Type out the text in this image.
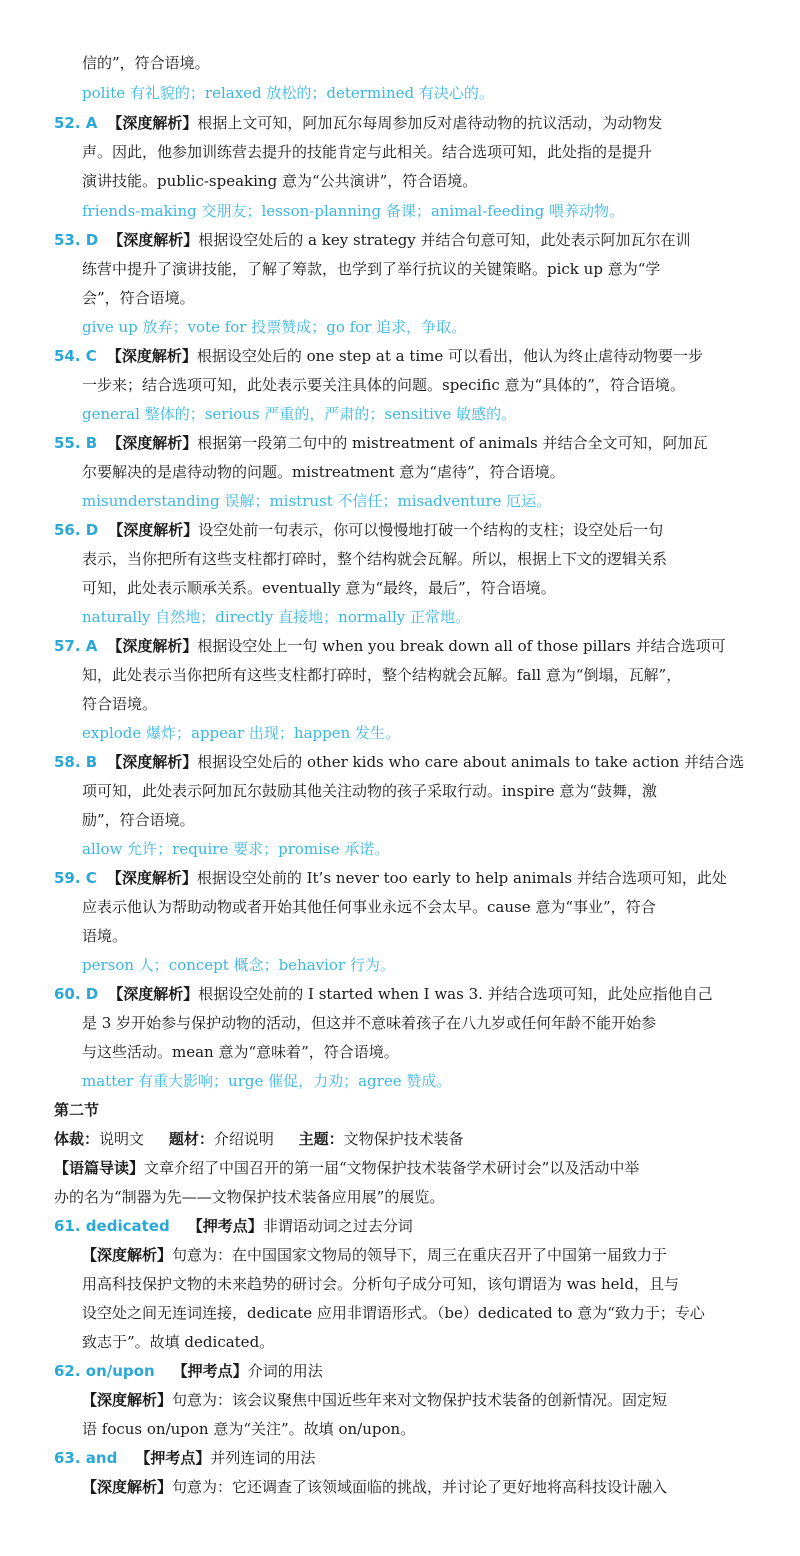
信的”，符合语境。
polite 有礼貌的；relaxed 放松的；determined 有决心的。
52. A 【深度解析】根据上文可知，阿加瓦尔每周参加反对虐待动物的抗议活动，为动物发
声。因此，他参加训练营去提升的技能肯定与此相关。结合选项可知，此处指的是提升
演讲技能。public-speaking 意为“公共演讲”，符合语境。
friends-making 交朋友；lesson-planning 备课；animal-feeding 喂养动物。
53. D 【深度解析】根据设空处后的 a key strategy 并结合句意可知，此处表示阿加瓦尔在训
练营中提升了演讲技能，了解了筹款，也学到了举行抗议的关键策略。pick up 意为“学
会”，符合语境。
give up 放弃；vote for 投票赞成；go for 追求，争取。
54. C 【深度解析】根据设空处后的 one step at a time 可以看出，他认为终止虐待动物要一步
一步来；结合选项可知，此处表示要关注具体的问题。specific 意为“具体的”，符合语境。
general 整体的；serious 严重的，严肃的；sensitive 敏感的。
55. B 【深度解析】根据第一段第二句中的 mistreatment of animals 并结合全文可知，阿加瓦
尔要解决的是虐待动物的问题。mistreatment 意为“虐待”，符合语境。
misunderstanding 误解；mistrust 不信任；misadventure 厄运。
56. D 【深度解析】设空处前一句表示，你可以慢慢地打破一个结构的支柱；设空处后一句
表示，当你把所有这些支柱都打碎时，整个结构就会瓦解。所以，根据上下文的逻辑关系
可知，此处表示顺承关系。eventually 意为“最终，最后”，符合语境。
naturally 自然地；directly 直接地；normally 正常地。
57. A 【深度解析】根据设空处上一句 when you break down all of those pillars 并结合选项可
知，此处表示当你把所有这些支柱都打碎时，整个结构就会瓦解。fall 意为“倒塌，瓦解”，
符合语境。
explode 爆炸；appear 出现；happen 发生。
58. B 【深度解析】根据设空处后的 other kids who care about animals to take action 并结合选
项可知，此处表示阿加瓦尔鼓励其他关注动物的孩子采取行动。inspire 意为“鼓舞，激
励”，符合语境。
allow 允许；require 要求；promise 承诺。
59. C 【深度解析】根据设空处前的 It’s never too early to help animals 并结合选项可知，此处
应表示他认为帮助动物或者开始其他任何事业永远不会太早。cause 意为“事业”，符合
语境。
person 人；concept 概念；behavior 行为。
60. D 【深度解析】根据设空处前的 I started when I was 3. 并结合选项可知，此处应指他自己
是 3 岁开始参与保护动物的活动，但这并不意味着孩子在八九岁或任何年龄不能开始参
与这些活动。mean 意为“意味着”，符合语境。
matter 有重大影响；urge 催促，力劝；agree 赞成。
第二节
体裁：说明文 题材：介绍说明 主题：文物保护技术装备
【语篇导读】文章介绍了中国召开的第一届“文物保护技术装备学术研讨会”以及活动中举
办的名为“制器为先——文物保护技术装备应用展”的展览。
61. dedicated 【押考点】非谓语动词之过去分词
【深度解析】句意为：在中国国家文物局的领导下，周三在重庆召开了中国第一届致力于
用高科技保护文物的未来趋势的研讨会。分析句子成分可知，该句谓语为 was held，且与
设空处之间无连词连接，dedicate 应用非谓语形式。（be）dedicated to 意为“致力于；专心
致志于”。故填 dedicated。
62. on/upon 【押考点】介词的用法
【深度解析】句意为：该会议聚焦中国近些年来对文物保护技术装备的创新情况。固定短
语 focus on/upon 意为“关注”。故填 on/upon。
63. and 【押考点】并列连词的用法
【深度解析】句意为：它还调查了该领域面临的挑战，并讨论了更好地将高科技设计融入
